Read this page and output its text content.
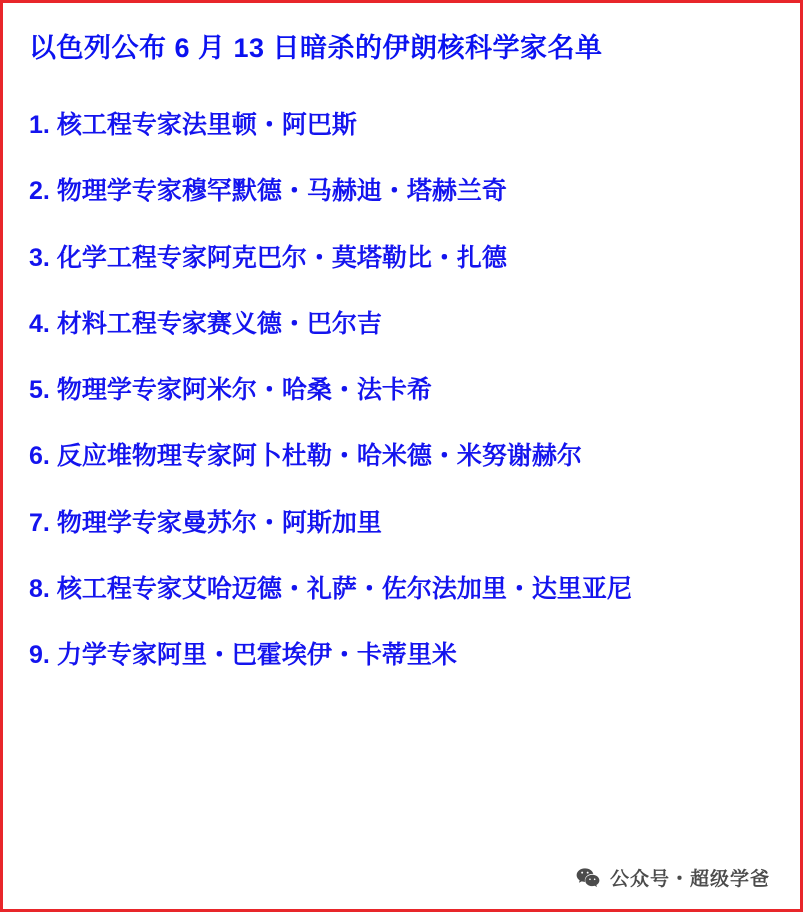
以色列公布 6 月 13 日暗杀的伊朗核科学家名单
1. 核工程专家法里顿・阿巴斯
2. 物理学专家穆罕默德・马赫迪・塔赫兰奇
3. 化学工程专家阿克巴尔・莫塔勒比・扎德
4. 材料工程专家赛义德・巴尔吉
5. 物理学专家阿米尔・哈桑・法卡希
6. 反应堆物理专家阿卜杜勒・哈米德・米努谢赫尔
7. 物理学专家曼苏尔・阿斯加里
8. 核工程专家艾哈迈德・礼萨・佐尔法加里・达里亚尼
9. 力学专家阿里・巴霍埃伊・卡蒂里米
公众号・超级学爸
